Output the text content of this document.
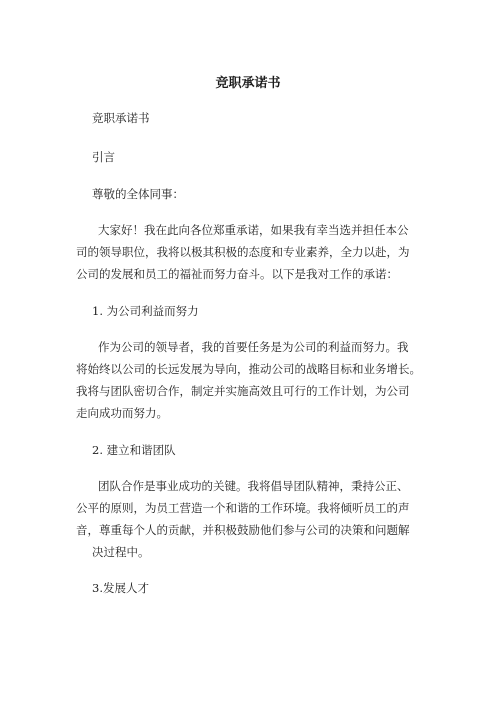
竞职承诺书
竞职承诺书
引言
尊敬的全体同事：
大家好！我在此向各位郑重承诺，如果我有幸当选并担任本公
司的领导职位，我将以极其积极的态度和专业素养，全力以赴，为
公司的发展和员工的福祉而努力奋斗。以下是我对工作的承诺：
1. 为公司利益而努力
作为公司的领导者，我的首要任务是为公司的利益而努力。我
将始终以公司的长远发展为导向，推动公司的战略目标和业务增长。
我将与团队密切合作，制定并实施高效且可行的工作计划，为公司
走向成功而努力。
2. 建立和谐团队
团队合作是事业成功的关键。我将倡导团队精神，秉持公正、
公平的原则，为员工营造一个和谐的工作环境。我将倾听员工的声
音，尊重每个人的贡献，并积极鼓励他们参与公司的决策和问题解
决过程中。
3.发展人才
